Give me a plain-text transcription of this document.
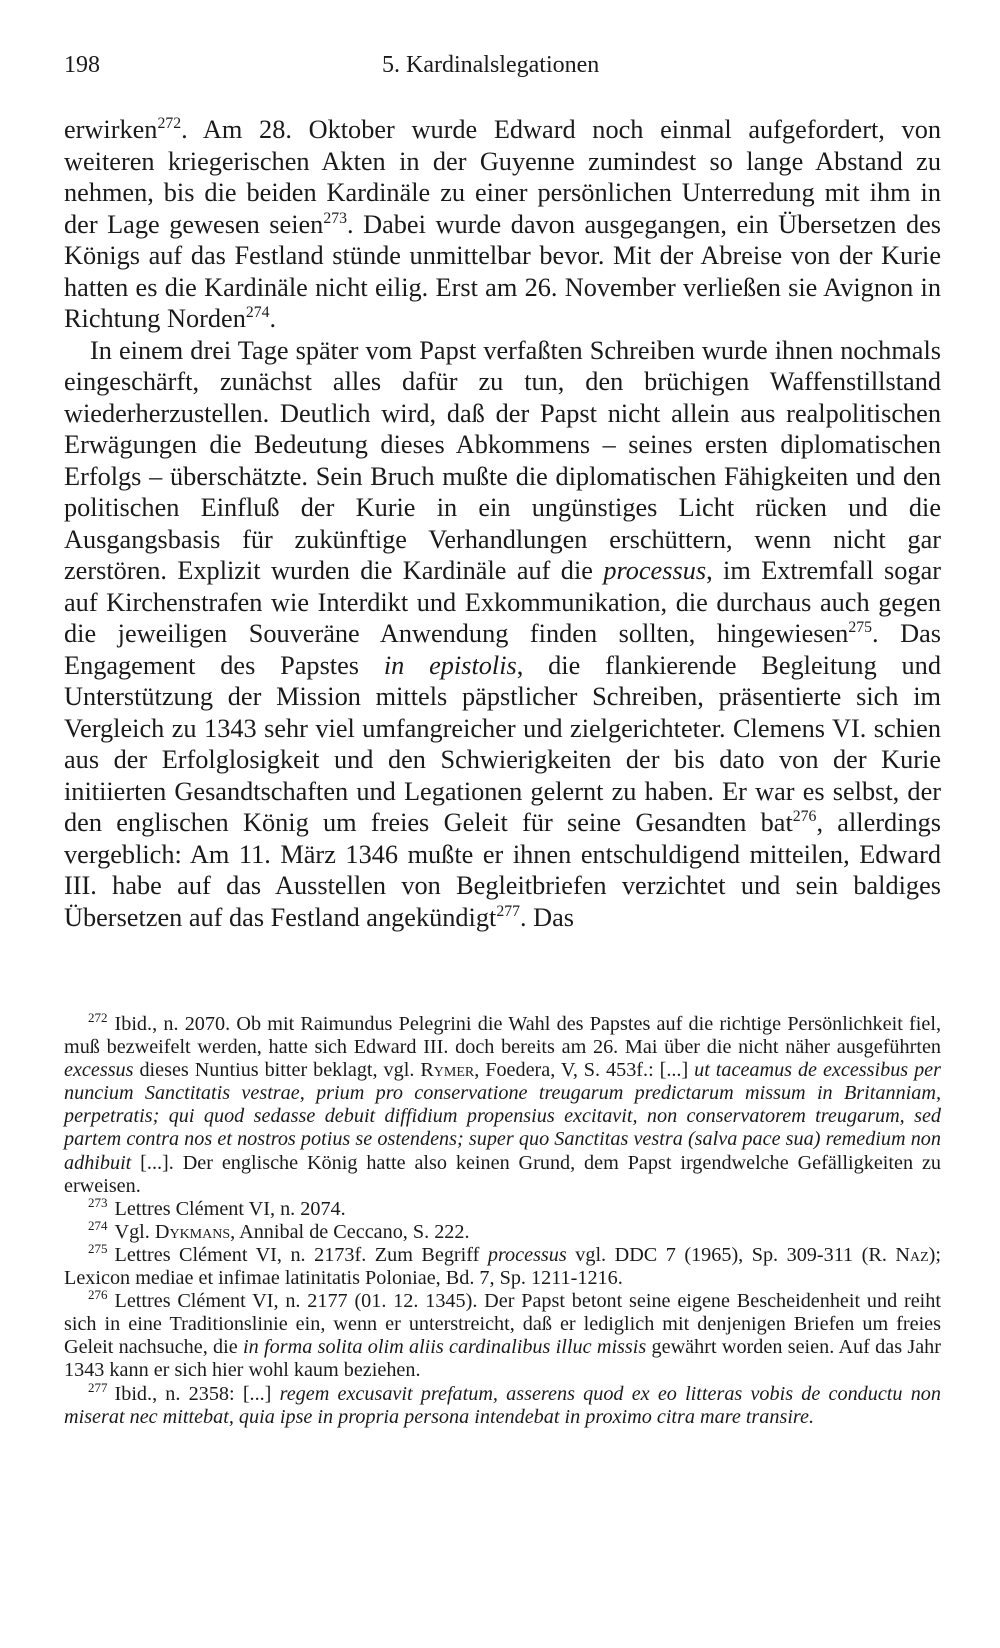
198	5. Kardinalslegationen

erwirken$^{272}$. Am 28. Oktober wurde Edward noch einmal aufgefordert, von weiteren kriegerischen Akten in der Guyenne zumindest so lange Abstand zu nehmen, bis die beiden Kardinäle zu einer persönlichen Unterredung mit ihm in der Lage gewesen seien$^{273}$. Dabei wurde davon ausgegangen, ein Übersetzen des Königs auf das Festland stünde unmittelbar bevor. Mit der Abreise von der Kurie hatten es die Kardinäle nicht eilig. Erst am 26. November verließen sie Avignon in Richtung Norden$^{274}$.

In einem drei Tage später vom Papst verfaßten Schreiben wurde ihnen nochmals eingeschärft, zunächst alles dafür zu tun, den brüchigen Waffenstillstand wiederherzustellen. Deutlich wird, daß der Papst nicht allein aus realpolitischen Erwägungen die Bedeutung dieses Abkommens – seines ersten diplomatischen Erfolgs – überschätzte. Sein Bruch mußte die diplomatischen Fähigkeiten und den politischen Einfluß der Kurie in ein ungünstiges Licht rücken und die Ausgangsbasis für zukünftige Verhandlungen erschüttern, wenn nicht gar zerstören. Explizit wurden die Kardinäle auf die processus, im Extremfall sogar auf Kirchenstrafen wie Interdikt und Exkommunikation, die durchaus auch gegen die jeweiligen Souveräne Anwendung finden sollten, hingewiesen$^{275}$. Das Engagement des Papstes in epistolis, die flankierende Begleitung und Unterstützung der Mission mittels päpstlicher Schreiben, präsentierte sich im Vergleich zu 1343 sehr viel umfangreicher und zielgerichteter. Clemens VI. schien aus der Erfolglosigkeit und den Schwierigkeiten der bis dato von der Kurie initiierten Gesandtschaften und Legationen gelernt zu haben. Er war es selbst, der den englischen König um freies Geleit für seine Gesandten bat$^{276}$, allerdings vergeblich: Am 11. März 1346 mußte er ihnen entschuldigend mitteilen, Edward III. habe auf das Ausstellen von Begleitbriefen verzichtet und sein baldiges Übersetzen auf das Festland angekündigt$^{277}$. Das

$^{272}$ Ibid., n. 2070. Ob mit Raimundus Pelegrini die Wahl des Papstes auf die richtige Persönlichkeit fiel, muß bezweifelt werden, hatte sich Edward III. doch bereits am 26. Mai über die nicht näher ausgeführten excessus dieses Nuntius bitter beklagt, vgl. Rymer, Foedera, V, S. 453f.: [...] ut taceamus de excessibus per nuncium Sanctitatis vestrae, prium pro conservatione treugarum predictarum missum in Britanniam, perpetratis; qui quod sedasse debuit diffidium propensius excitavit, non conservatorem treugarum, sed partem contra nos et nostros potius se ostendens; super quo Sanctitas vestra (salva pace sua) remedium non adhibuit [...]. Der englische König hatte also keinen Grund, dem Papst irgendwelche Gefälligkeiten zu erweisen.

$^{273}$ Lettres Clément VI, n. 2074.

$^{274}$ Vgl. Dykmans, Annibal de Ceccano, S. 222.

$^{275}$ Lettres Clément VI, n. 2173f. Zum Begriff processus vgl. DDC 7 (1965), Sp. 309-311 (R. Naz); Lexicon mediae et infimae latinitatis Poloniae, Bd. 7, Sp. 1211-1216.

$^{276}$ Lettres Clément VI, n. 2177 (01. 12. 1345). Der Papst betont seine eigene Bescheidenheit und reiht sich in eine Traditionslinie ein, wenn er unterstreicht, daß er lediglich mit denjenigen Briefen um freies Geleit nachsuche, die in forma solita olim aliis cardinalibus illuc missis gewährt worden seien. Auf das Jahr 1343 kann er sich hier wohl kaum beziehen.

$^{277}$ Ibid., n. 2358: [...] regem excusavit prefatum, asserens quod ex eo litteras vobis de conductu non miserat nec mittebat, quia ipse in propria persona intendebat in proximo citra mare transire.
